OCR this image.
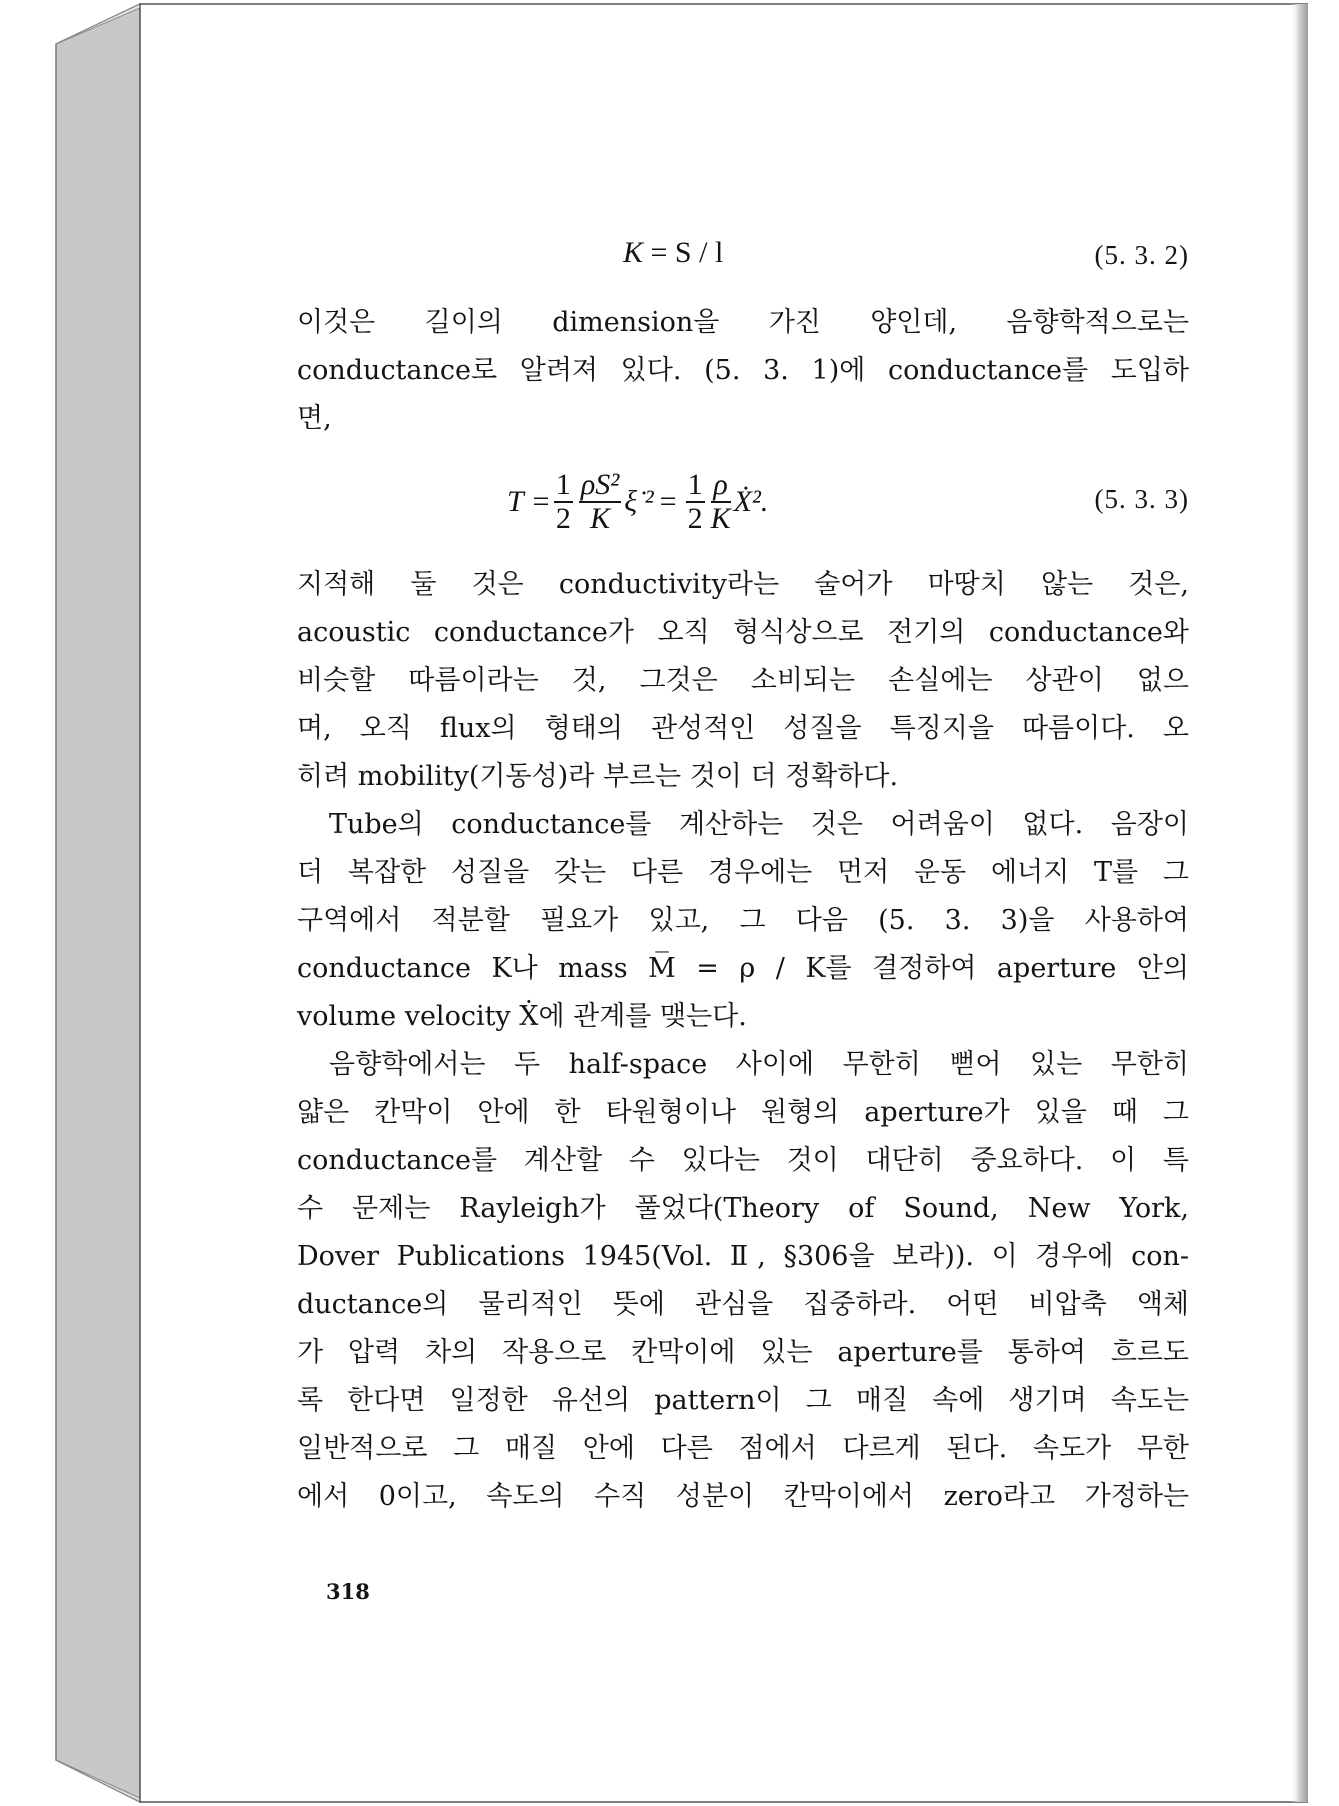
K = S / l	(5. 3. 2)
이것은 길이의 dimension을 가진 양인데, 음향학적으로는
conductance로 알려져 있다. (5. 3. 1)에 conductance를 도입하
면,
$T = \frac{1}{2} \frac{\text{ρS²}}{K}$ ξ̇ $^2 = \frac{1}{2} \frac{\rho}{K}$ Ẋ².	(5. 3. 3)
지적해 둘 것은 conductivity라는 술어가 마땅치 않는 것은,
acoustic conductance가 오직 형식상으로 전기의 conductance와
비슷할 따름이라는 것, 그것은 소비되는 손실에는 상관이 없으
며, 오직 flux의 형태의 관성적인 성질을 특징지을 따름이다. 오
히려 mobility(기동성)라 부르는 것이 더 정확하다.
Tube의 conductance를 계산하는 것은 어려움이 없다. 음장이
더 복잡한 성질을 갖는 다른 경우에는 먼저 운동 에너지 T를 그
구역에서 적분할 필요가 있고, 그 다음 (5. 3. 3)을 사용하여
conductance K나 mass M̅ = ρ / K를 결정하여 aperture 안의
volume velocity Ẋ에 관계를 맺는다.
음향학에서는 두 half-space 사이에 무한히 뻗어 있는 무한히
얇은 칸막이 안에 한 타원형이나 원형의 aperture가 있을 때 그
conductance를 계산할 수 있다는 것이 대단히 중요하다. 이 특
수 문제는 Rayleigh가 풀었다(Theory of Sound, New York,
Dover Publications 1945(Vol. Ⅱ, §306을 보라)). 이 경우에 con-
ductance의 물리적인 뜻에 관심을 집중하라. 어떤 비압축 액체
가 압력 차의 작용으로 칸막이에 있는 aperture를 통하여 흐르도
록 한다면 일정한 유선의 pattern이 그 매질 속에 생기며 속도는
일반적으로 그 매질 안에 다른 점에서 다르게 된다. 속도가 무한
에서 0이고, 속도의 수직 성분이 칸막이에서 zero라고 가정하는
318
